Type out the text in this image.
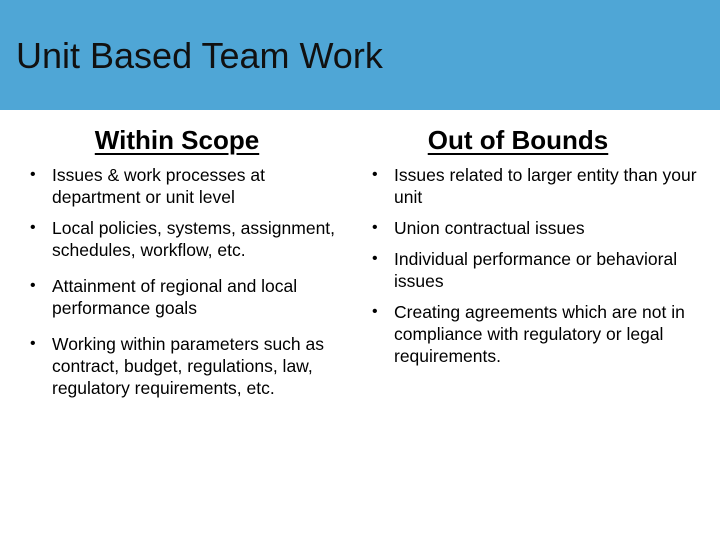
Unit Based Team Work
Within Scope
• Issues & work processes at department or unit level
• Local policies, systems, assignment, schedules, workflow, etc.
• Attainment of regional and local performance goals
• Working within parameters such as contract, budget, regulations, law, regulatory requirements, etc.
Out of Bounds
• Issues related to larger entity than your unit
• Union contractual issues
• Individual performance or behavioral issues
• Creating agreements which are not in compliance with regulatory or legal requirements.
